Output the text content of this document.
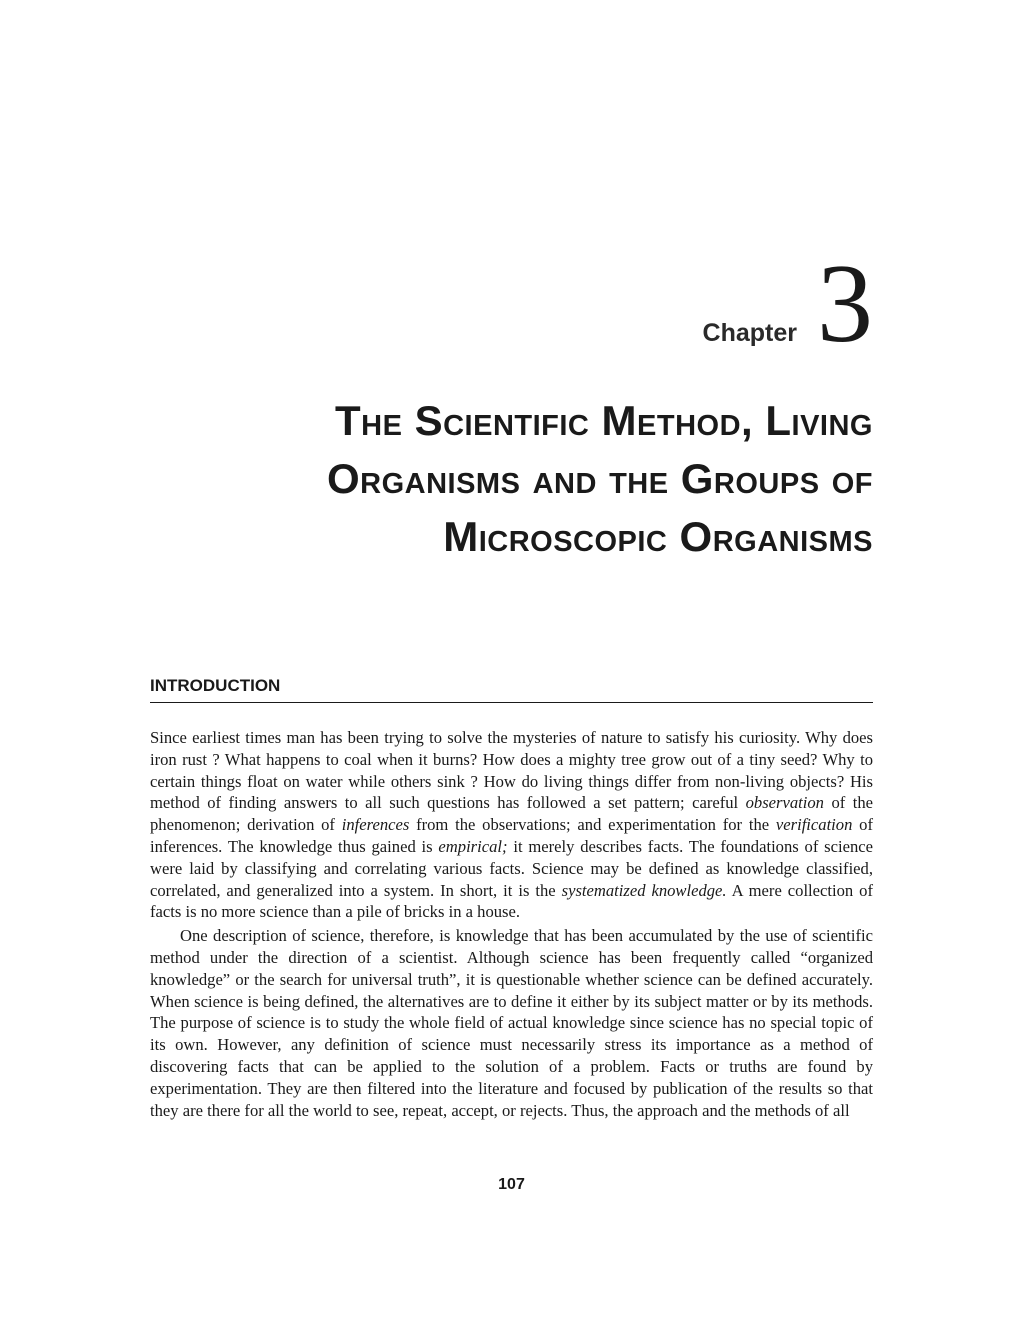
Chapter 3
The Scientific Method, Living
Organisms and the Groups of
Microscopic Organisms
INTRODUCTION

Since earliest times man has been trying to solve the mysteries of nature to satisfy his curiosity. Why does iron rust ? What happens to coal when it burns? How does a mighty tree grow out of a tiny seed? Why to certain things float on water while others sink ? How do living things differ from non-living objects? His method of finding answers to all such questions has followed a set pattern; careful observation of the phenomenon; derivation of inferences from the observations; and experimentation for the verification of inferences. The knowledge thus gained is empirical; it merely describes facts. The foundations of science were laid by classifying and correlating various facts. Science may be defined as knowledge classified, correlated, and generalized into a system. In short, it is the systematized knowledge. A mere collection of facts is no more science than a pile of bricks in a house.

One description of science, therefore, is knowledge that has been accumulated by the use of scientific method under the direction of a scientist. Although science has been frequently called “organized knowledge” or the search for universal truth”, it is questionable whether science can be defined accurately. When science is being defined, the alternatives are to define it either by its subject matter or by its methods. The purpose of science is to study the whole field of actual knowledge since science has no special topic of its own. However, any definition of science must necessarily stress its importance as a method of discovering facts that can be applied to the solution of a problem. Facts or truths are found by experimentation. They are then filtered into the literature and focused by publication of the results so that they are there for all the world to see, repeat, accept, or rejects. Thus, the approach and the methods of all

107
